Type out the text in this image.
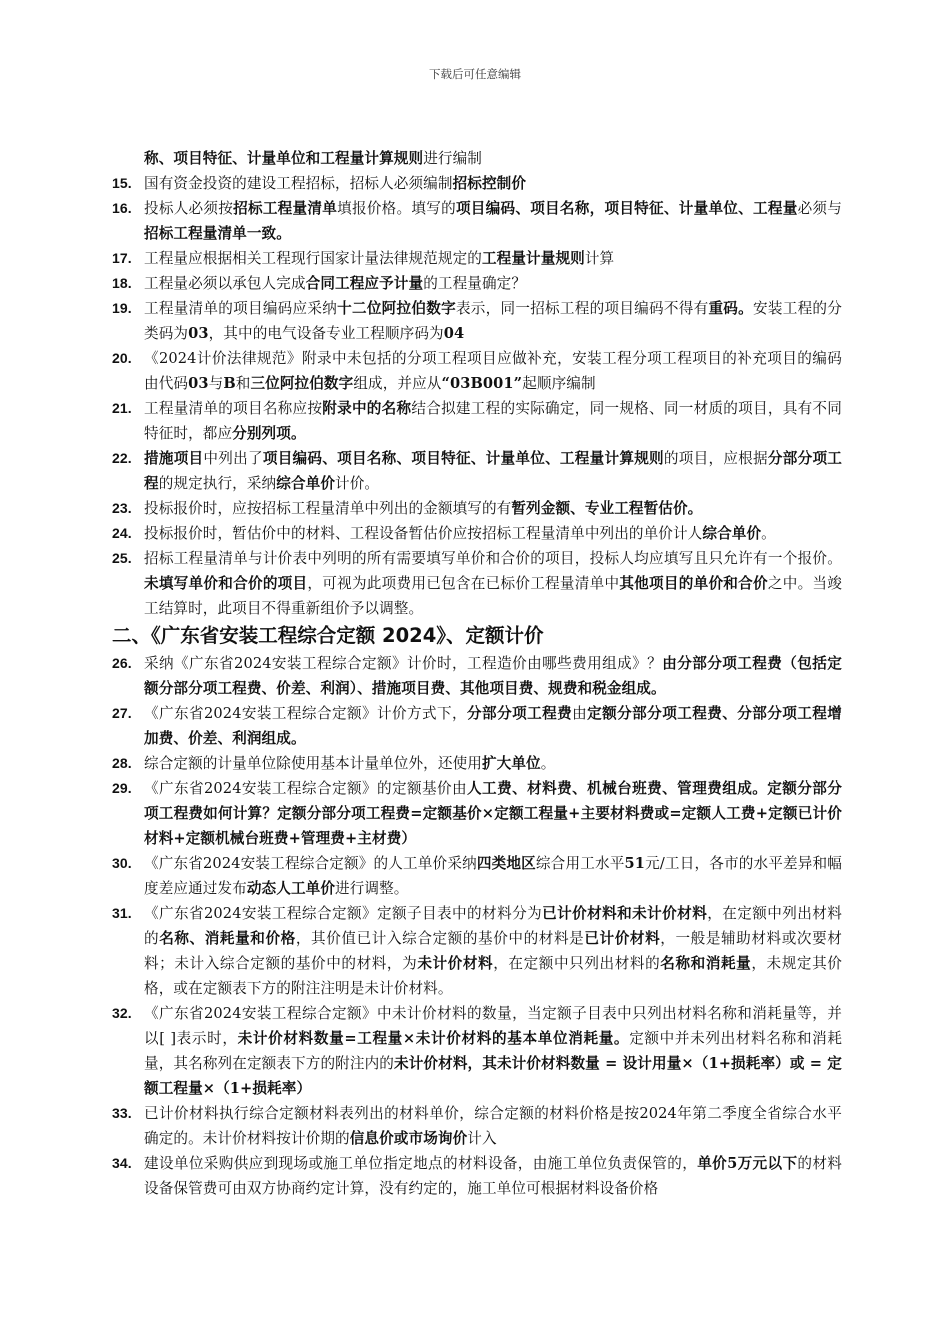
下载后可任意编辑

称、项目特征、计量单位和工程量计算规则进行编制

15. 国有资金投资的建设工程招标，招标人必须编制招标控制价

16. 投标人必须按招标工程量清单填报价格。填写的项目编码、项目名称，项目特征、计量单位、工程量必须与招标工程量清单一致。

17. 工程量应根据相关工程现行国家计量法律规范规定的工程量计量规则计算

18. 工程量必须以承包人完成合同工程应予计量的工程量确定？

19. 工程量清单的项目编码应采纳十二位阿拉伯数字表示，同一招标工程的项目编码不得有重码。安装工程的分类码为03，其中的电气设备专业工程顺序码为04

20. 《2024计价法律规范》附录中未包括的分项工程项目应做补充，安装工程分项工程项目的补充项目的编码由代码03与B和三位阿拉伯数字组成，并应从“03B001”起顺序编制

21. 工程量清单的项目名称应按附录中的名称结合拟建工程的实际确定，同一规格、同一材质的项目，具有不同特征时，都应分别列项。

22. 措施项目中列出了项目编码、项目名称、项目特征、计量单位、工程量计算规则的项目，应根据分部分项工程的规定执行，采纳综合单价计价。

23. 投标报价时，应按招标工程量清单中列出的金额填写的有暂列金额、专业工程暂估价。

24. 投标报价时，暂估价中的材料、工程设备暂估价应按招标工程量清单中列出的单价计人综合单价。

25. 招标工程量清单与计价表中列明的所有需要填写单价和合价的项目，投标人均应填写且只允许有一个报价。未填写单价和合价的项目，可视为此项费用已包含在已标价工程量清单中其他项目的单价和合价之中。当竣工结算时，此项目不得重新组价予以调整。

二、《广东省安装工程综合定额 2024》、定额计价

26. 采纳《广东省2024安装工程综合定额》计价时，工程造价由哪些费用组成》？由分部分项工程费（包括定额分部分项工程费、价差、利润）、措施项目费、其他项目费、规费和税金组成。

27. 《广东省2024安装工程综合定额》计价方式下，分部分项工程费由定额分部分项工程费、分部分项工程增加费、价差、利润组成。

28. 综合定额的计量单位除使用基本计量单位外，还使用扩大单位。

29. 《广东省2024安装工程综合定额》的定额基价由人工费、材料费、机械台班费、管理费组成。定额分部分项工程费如何计算？定额分部分项工程费=定额基价×定额工程量+主要材料费或=定额人工费+定额已计价材料+定额机械台班费+管理费+主材费）

30. 《广东省2024安装工程综合定额》的人工单价采纳四类地区综合用工水平51元/工日，各市的水平差异和幅度差应通过发布动态人工单价进行调整。

31. 《广东省2024安装工程综合定额》定额子目表中的材料分为已计价材料和未计价材料，在定额中列出材料的名称、消耗量和价格，其价值已计入综合定额的基价中的材料是已计价材料，一般是辅助材料或次要材料；未计入综合定额的基价中的材料，为未计价材料，在定额中只列出材料的名称和消耗量，未规定其价格，或在定额表下方的附注注明是未计价材料。

32. 《广东省2024安装工程综合定额》中未计价材料的数量，当定额子目表中只列出材料名称和消耗量等，并以[ ]表示时，未计价材料数量=工程量×未计价材料的基本单位消耗量。定额中并未列出材料名称和消耗量，其名称列在定额表下方的附注内的未计价材料，其未计价材料数量 = 设计用量×（1+损耗率）或 = 定额工程量×（1+损耗率）

33. 已计价材料执行综合定额材料表列出的材料单价，综合定额的材料价格是按2024年第二季度全省综合水平确定的。未计价材料按计价期的信息价或市场询价计入

34. 建设单位采购供应到现场或施工单位指定地点的材料设备，由施工单位负责保管的，单价5万元以下的材料设备保管费可由双方协商约定计算，没有约定的，施工单位可根据材料设备价格
